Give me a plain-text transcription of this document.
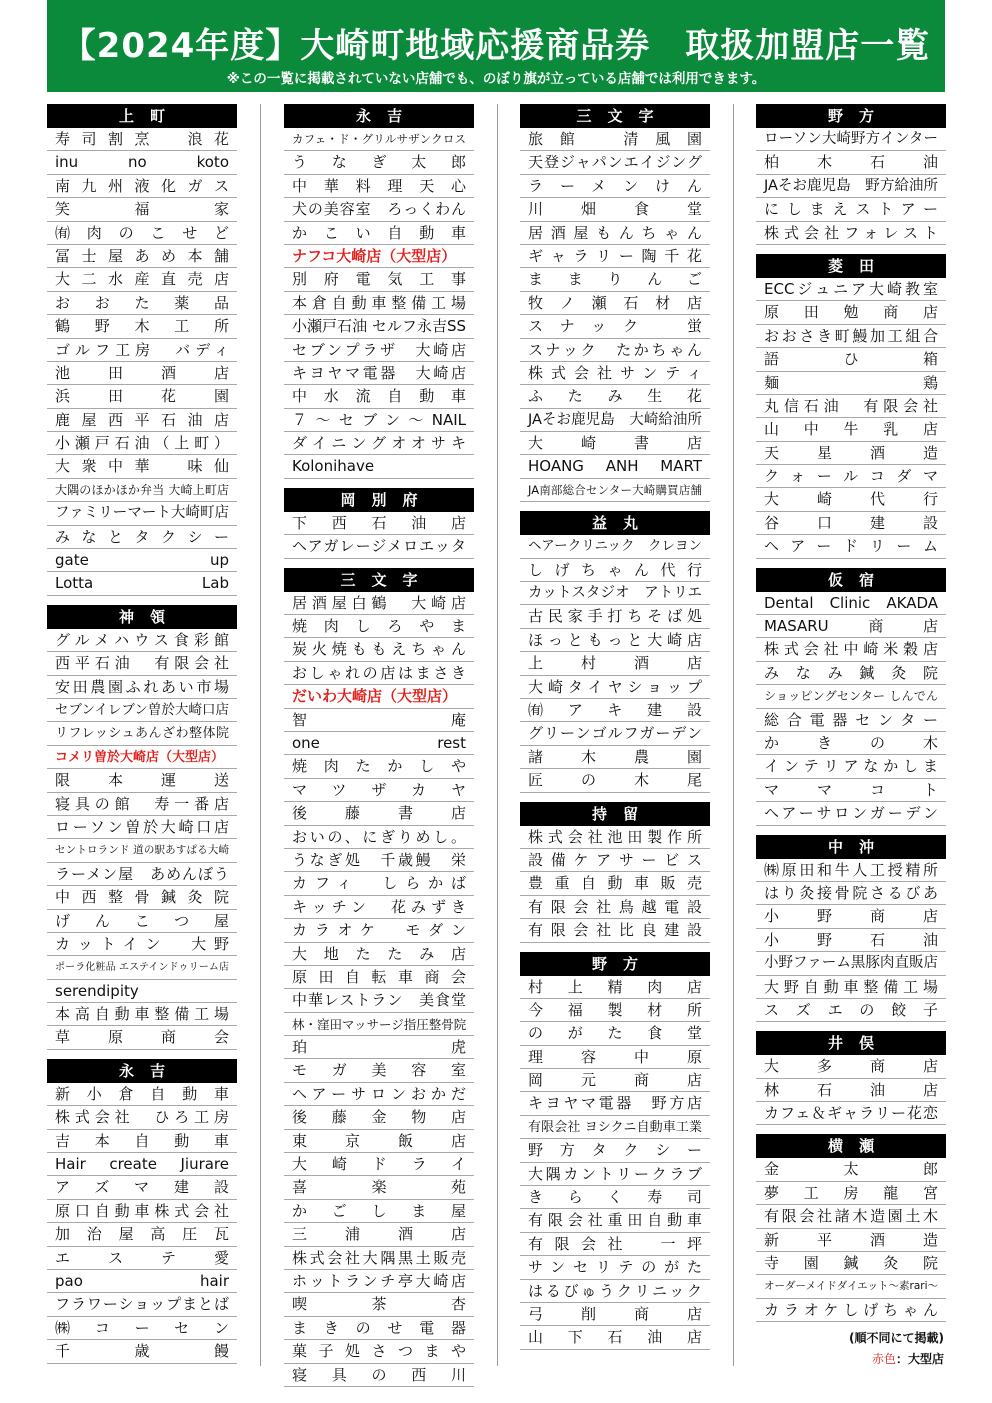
【2024年度】大崎町地域応援商品券　取扱加盟店一覧
※この一覧に掲載されていない店舗でも、のぼり旗が立っている店舗では利用できます。
上町
寿司割烹　浪花
inu no koto
南九州液化ガス
笑　福　家
㈲肉のこせど
冨士屋あめ本舗
大二水産直売店
おおた薬品
鶴野木工所
ゴルフ工房　バディ
池田酒店
浜田花園
鹿屋西平石油店
小瀬戸石油（上町）
大衆中華　味仙
大隅のほかほか弁当 大崎上町店
ファミリーマート大崎町店
みなとタクシー
gate up
Lotta Lab
神領
グルメハウス食彩館
西平石油　有限会社
安田農園ふれあい市場
セブンイレブン曽於大崎口店
リフレッシュあんざわ整体院
コメリ曽於大崎店（大型店）
限本運送
寝具の館　寿一番店
ローソン曽於大崎口店
セントロランド 道の駅あすぱる大崎
ラーメン屋　あめんぼう
中西整骨鍼灸院
げんこつ屋
カットイン　大野
ポーラ化粧品 エステインドゥリーム店
serendipity
本高自動車整備工場
草原商会
永吉
新小倉自動車
株式会社　ひろ工房
吉本自動車
Hair create Jiurare
アズマ建設
原口自動車株式会社
加治屋高圧瓦
エステ愛
pao hair
フラワーショップまとば
㈱コーセン
千歳饅
永吉
カフェ・ド・グリルサザンクロス
うなぎ太郎
中華料理天心
犬の美容室　ろっくわん
かこい自動車
ナフコ大崎店（大型店）
別府電気工事
本倉自動車整備工場
小瀬戸石油 セルフ永吉SS
セブンプラザ　大崎店
キヨヤマ電器　大崎店
中水流自動車
７～セブン～NAIL
ダイニングオオサキ
Kolonihave
岡別府
下西石油店
ヘアガレージメロエッタ
三文字
居酒屋白鶴　大崎店
焼肉しろやま
炭火焼ももえちゃん
おしゃれの店はまさき
だいわ大崎店（大型店）
智　庵
one rest
焼肉たかしや
マツザカヤ
後藤書店
おいの、にぎりめし。
うなぎ処　千歳鰻　栄
カフィ　しらかば
キッチン　花みずき
カラオケ　モダン
大地たたみ店
原田自転車商会
中華レストラン　美食堂
林・窪田マッサージ指圧整骨院
珀　虎
モガ美容室
ヘアーサロンおかだ
後藤金物店
東京飯店
大崎ドライ
喜楽苑
かごしま屋
三浦酒店
株式会社大隅黒土販売
ホットランチ亭大崎店
喫茶杏
まきのせ電器
菓子処さつまや
寝具の西川
三文字
旅館　清風園
天登ジャパンエイジング
ラーメンけん
川畑食堂
居酒屋もんちゃん
ギャラリー陶千花
ままりんご
牧ノ瀬石材店
スナック　蛍
スナック　たかちゃん
株式会社サンティ
ふたみ生花
JAそお鹿児島　大崎給油所
大崎書店
HOANG ANH MART
JA南部総合センター大崎購買店舗
益丸
ヘアークリニック　クレヨン
しげちゃん代行
カットスタジオ　アトリエ
古民家手打ちそば処
ほっともっと大崎店
上村酒店
大崎タイヤショップ
㈲アキ建設
グリーンゴルフガーデン
諸木農園
匠の木尾
持留
株式会社池田製作所
設備ケアサービス
豊重自動車販売
有限会社鳥越電設
有限会社比良建設
野方
村上精肉店
今福製材所
のがた食堂
理容中原
岡元商店
キヨヤマ電器　野方店
有限会社 ヨシクニ自動車工業
野方タクシー
大隅カントリークラブ
きらく寿司
有限会社重田自動車
有限会社　一坪
サンセリテのがた
はるびゅうクリニック
弓削商店
山下石油店
野方
ローソン大崎野方インター
柏木石油
JAそお鹿児島　野方給油所
にしまえストアー
株式会社フォレスト
菱田
ECCジュニア大崎教室
原田勉商店
おおさき町鰻加工組合
語　ひ　箱
麺　鶏
丸信石油　有限会社
山中牛乳店
天星酒造
クォールコダマ
大崎代行
谷口建設
ヘアードリーム
仮宿
Dental Clinic AKADA
MASARU商店
株式会社中崎米穀店
みなみ鍼灸院
ショッピングセンター しんでん
総合電器センター
かきの木
インテリアなかしま
ママコト
ヘアーサロンガーデン
中沖
㈱原田和牛人工授精所
はり灸接骨院さるびあ
小野商店
小野石油
小野ファーム黒豚肉直販店
大野自動車整備工場
スズエの餃子
井俣
大多商店
林石油店
カフェ＆ギャラリー花恋
横瀬
金　太　郎
夢工房龍宮
有限会社諸木造園土木
新平酒造
寺園鍼灸院
オーダーメイドダイエット～素rari～
カラオケしげちゃん
(順不同にて掲載)
赤色：大型店
